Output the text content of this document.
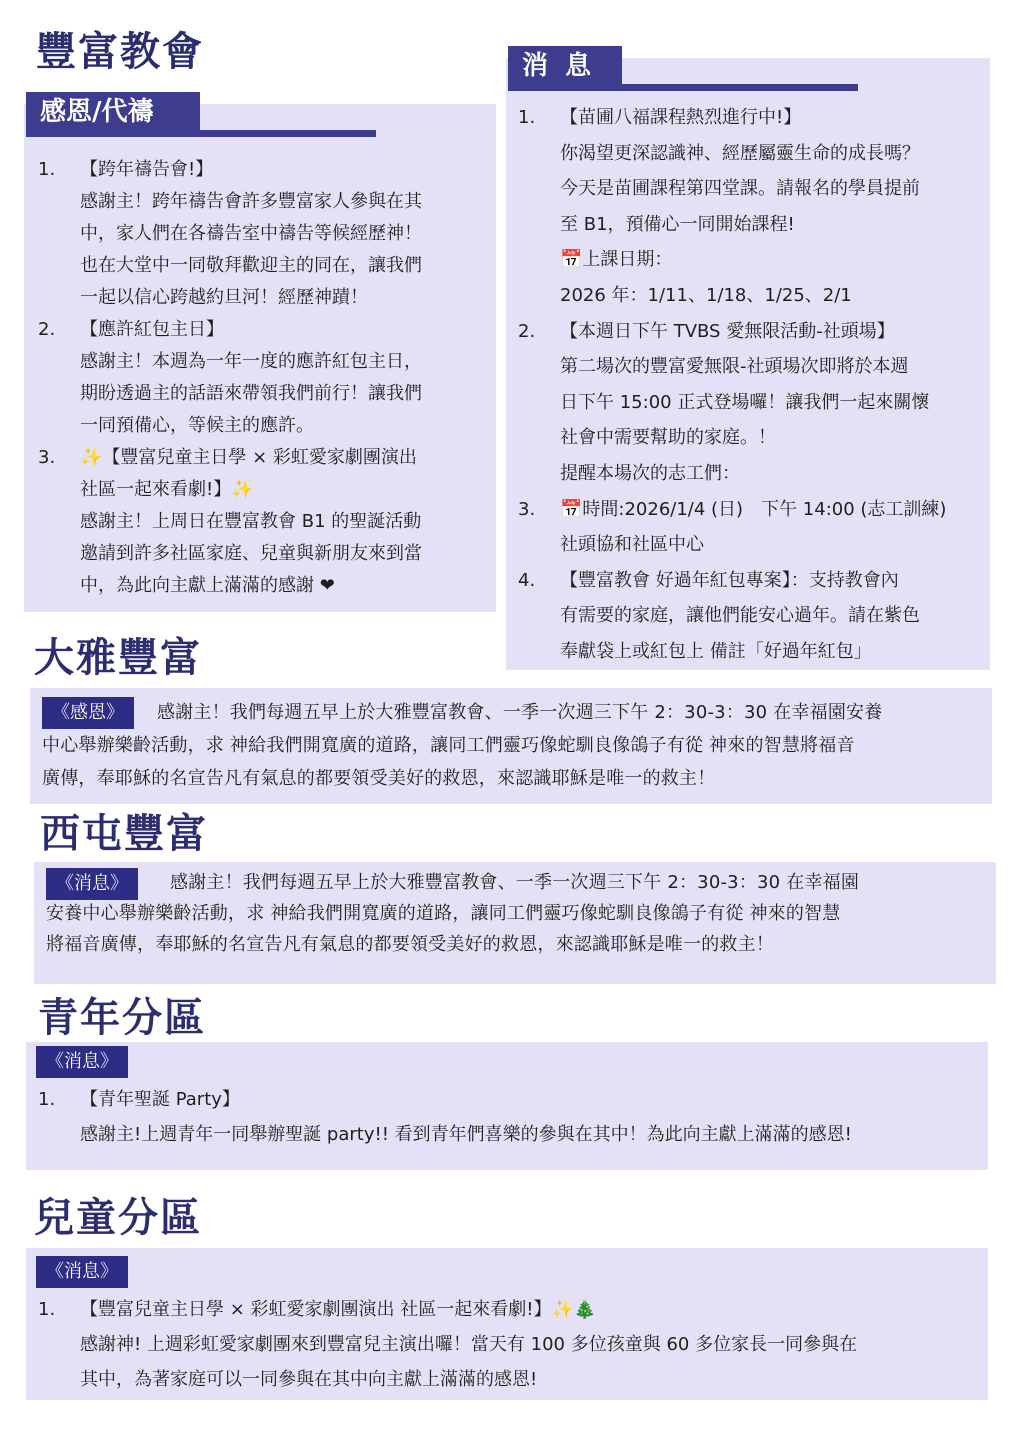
豐富教會
感恩/代禱
1. 【跨年禱告會!】
感謝主！跨年禱告會許多豐富家人參與在其
中，家人們在各禱告室中禱告等候經歷神！
也在大堂中一同敬拜歡迎主的同在，讓我們
一起以信心跨越約旦河！經歷神蹟！
2. 【應許紅包主日】
感謝主！本週為一年一度的應許紅包主日，
期盼透過主的話語來帶領我們前行！讓我們
一同預備心，等候主的應許。
3. ✨【豐富兒童主日學 × 彩虹愛家劇團演出
社區一起來看劇!】✨
感謝主！上周日在豐富教會 B1 的聖誕活動
邀請到許多社區家庭、兒童與新朋友來到當
中，為此向主獻上滿滿的感謝 ❤
消 息
1. 【苗圃八福課程熱烈進行中!】
你渴望更深認識神、經歷屬靈生命的成長嗎？
今天是苗圃課程第四堂課。請報名的學員提前
至 B1，預備心一同開始課程!
📅上課日期：
2026 年：1/11、1/18、1/25、2/1
2. 【本週日下午 TVBS 愛無限活動-社頭場】
第二場次的豐富愛無限-社頭場次即將於本週
日下午 15:00 正式登場囉！讓我們一起來關懷
社會中需要幫助的家庭。！
提醒本場次的志工們：
3. 📅時間:2026/1/4 (日)　下午 14:00 (志工訓練)
社頭協和社區中心
4. 【豐富教會 好過年紅包專案】：支持教會內
有需要的家庭，讓他們能安心過年。請在紫色
奉獻袋上或紅包上 備註「好過年紅包」
大雅豐富
《感恩》	感謝主！我們每週五早上於大雅豐富教會、一季一次週三下午 2：30-3：30 在幸福園安養
中心舉辦樂齡活動，求 神給我們開寬廣的道路，讓同工們靈巧像蛇馴良像鴿子有從 神來的智慧將福音
廣傳，奉耶穌的名宣告凡有氣息的都要領受美好的救恩，來認識耶穌是唯一的救主！
西屯豐富
《消息》	感謝主！我們每週五早上於大雅豐富教會、一季一次週三下午 2：30-3：30 在幸福園
安養中心舉辦樂齡活動，求 神給我們開寬廣的道路，讓同工們靈巧像蛇馴良像鴿子有從 神來的智慧
將福音廣傳，奉耶穌的名宣告凡有氣息的都要領受美好的救恩，來認識耶穌是唯一的救主！
青年分區
《消息》
1. 【青年聖誕 Party】
感謝主!上週青年一同舉辦聖誕 party!! 看到青年們喜樂的參與在其中！為此向主獻上滿滿的感恩!
兒童分區
《消息》
1. 【豐富兒童主日學 × 彩虹愛家劇團演出 社區一起來看劇!】✨🎄
感謝神! 上週彩虹愛家劇團來到豐富兒主演出囉！當天有 100 多位孩童與 60 多位家長一同參與在
其中，為著家庭可以一同參與在其中向主獻上滿滿的感恩!
